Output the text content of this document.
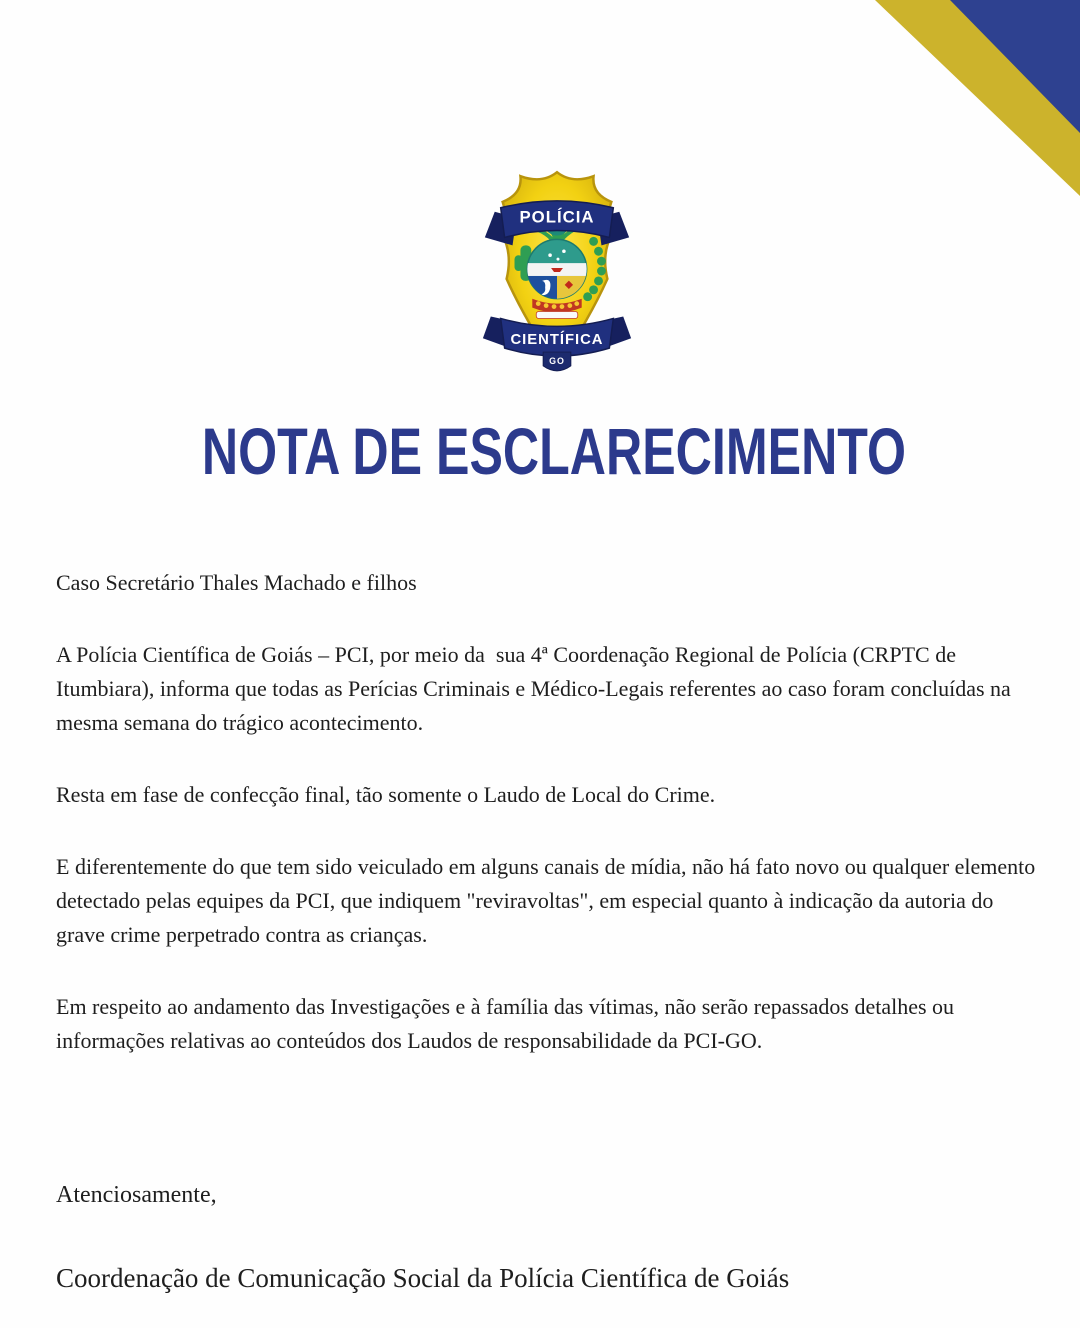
POLÍCIA
CIENTÍFICA
GO
NOTA DE ESCLARECIMENTO

Caso Secretário Thales Machado e filhos

A Polícia Científica de Goiás – PCI, por meio da  sua 4ª Coordenação Regional de Polícia (CRPTC de Itumbiara), informa que todas as Perícias Criminais e Médico-Legais referentes ao caso foram concluídas na mesma semana do trágico acontecimento.

Resta em fase de confecção final, tão somente o Laudo de Local do Crime.

E diferentemente do que tem sido veiculado em alguns canais de mídia, não há fato novo ou qualquer elemento detectado pelas equipes da PCI, que indiquem "reviravoltas", em especial quanto à indicação da autoria do grave crime perpetrado contra as crianças.

Em respeito ao andamento das Investigações e à família das vítimas, não serão repassados detalhes ou informações relativas ao conteúdos dos Laudos de responsabilidade da PCI-GO.

Atenciosamente,

Coordenação de Comunicação Social da Polícia Científica de Goiás
